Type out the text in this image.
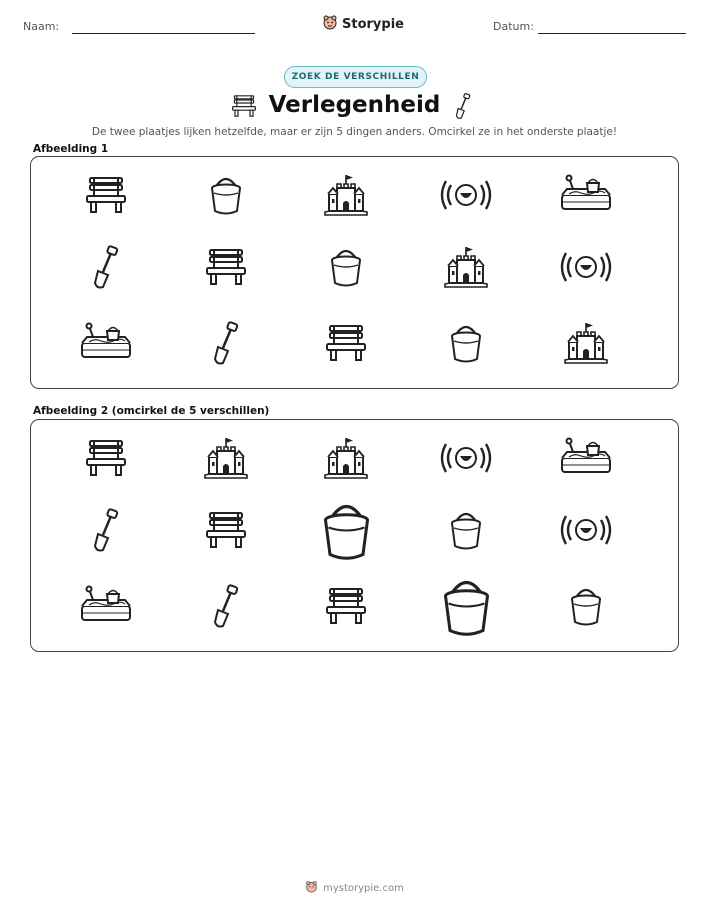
Naam:	Storypie	Datum:
ZOEK DE VERSCHILLEN
Verlegenheid
De twee plaatjes lijken hetzelfde, maar er zijn 5 dingen anders. Omcirkel ze in het onderste plaatje!
Afbeelding 1
Afbeelding 2 (omcirkel de 5 verschillen)
mystorypie.com
